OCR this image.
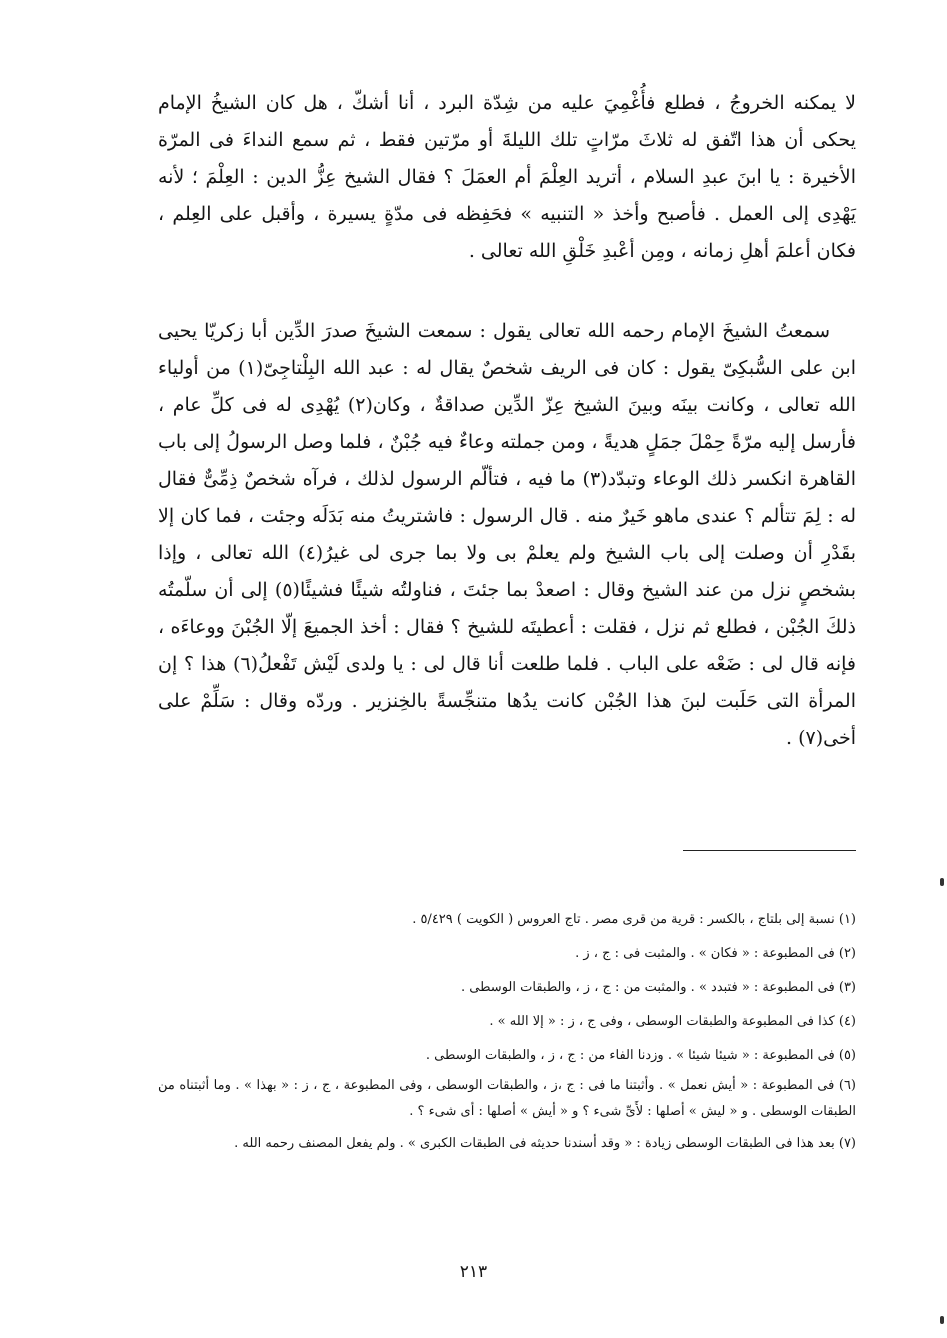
لا يمكنه الخروجُ ، فطلع فأُغْمِيَ عليه من شِدّة البرد ، أنا أشكّ ، هل كان الشيخُ الإمام يحكى أن هذا اتّفق له ثلاثَ مرّاتٍ تلك الليلةَ أو مرّتين فقط ، ثم سمع النداءَ فى المرّة الأخيرة : يا ابنَ عبدِ السلام ، أتريد العِلْمَ أم العمَلَ ؟ فقال الشيخ عِزُّ الدين : العِلْمَ ؛ لأنه يَهْدِى إلى العمل . فأصبح وأخذ « التنبيه » فحَفِظه فى مدّةٍ يسيرة ، وأقبل على العِلم ، فكان أعلمَ أهلِ زمانه ، ومِن أعْبدِ خَلْقِ الله تعالى .

سمعتُ الشيخَ الإمام رحمه الله تعالى يقول : سمعت الشيخَ صدرَ الدِّين أبا زكريّا يحيى ابن على السُّبكِىّ يقول : كان فى الريف شخصٌ يقال له : عبد الله البِلْتاجِىّ(١) من أولياء الله تعالى ، وكانت بينَه وبينَ الشيخ عِزّ الدِّين صداقةٌ ، وكان(٢) يُهْدِى له فى كلِّ عام ، فأرسل إليه مرّةً حِمْلَ جمَلٍ هديةً ، ومن جملته وعاءٌ فيه جُبْنٌ ، فلما وصل الرسولُ إلى باب القاهرة انكسر ذلك الوعاء وتبدّد(٣) ما فيه ، فتألّم الرسول لذلك ، فرآه شخصٌ ذِمِّىٌّ فقال له : لِمَ تتألم ؟ عندى ماهو خَيرٌ منه . قال الرسول : فاشتريتُ منه بَدَلَه وجئت ، فما كان إلا بقَدْرِ أن وصلت إلى باب الشيخ ولم يعلمْ بى ولا بما جرى لى غيرُ(٤) الله تعالى ، وإذا بشخصٍ نزل من عند الشيخ وقال : اصعدْ بما جئتَ ، فناولتُه شيئًا فشيئًا(٥) إلى أن سلّمتُه ذلكَ الجُبْن ، فطلع ثم نزل ، فقلت : أعطيتَه للشيخ ؟ فقال : أخذ الجميعَ إلّا الجُبْنَ ووعاءَه ، فإنه قال لى : ضَعْه على الباب . فلما طلعت أنا قال لى : يا ولدى لَيْش تَفْعلُ(٦) هذا ؟ إن المرأة التى حَلَبت لبنَ هذا الجُبْن كانت يدُها متنجِّسةً بالخِنزير . وردّه وقال : سَلِّمْ على أخى(٧) .

(١) نسبة إلى بلتاج ، بالكسر : قرية من قرى مصر . تاج العروس ( الكويت ) ٥/٤٢٩ .

(٢) فى المطبوعة : « فكان » . والمثبت فى : ج ، ز .

(٣) فى المطبوعة : « فتبدد » . والمثبت من : ج ، ز ، والطبقات الوسطى .

(٤) كذا فى المطبوعة والطبقات الوسطى ، وفى ج ، ز : « إلا الله » .

(٥) فى المطبوعة : « شيئا شيئا » . وزدنا الفاء من : ج ، ز ، والطبقات الوسطى .

(٦) فى المطبوعة : « أيش نعمل » . وأثبتنا ما فى : ج ،ز ، والطبقات الوسطى ، وفى المطبوعة ، ج ، ز : « بهذا » . وما أثبتناه من الطبقات الوسطى . و « ليش » أصلها : لأَىِّ شىء ؟ و « أيش » أصلها : أى شىء ؟ .

(٧) بعد هذا فى الطبقات الوسطى زيادة : « وقد أسندنا حديثه فى الطبقات الكبرى » . ولم يفعل المصنف رحمه الله .

٢١٣
